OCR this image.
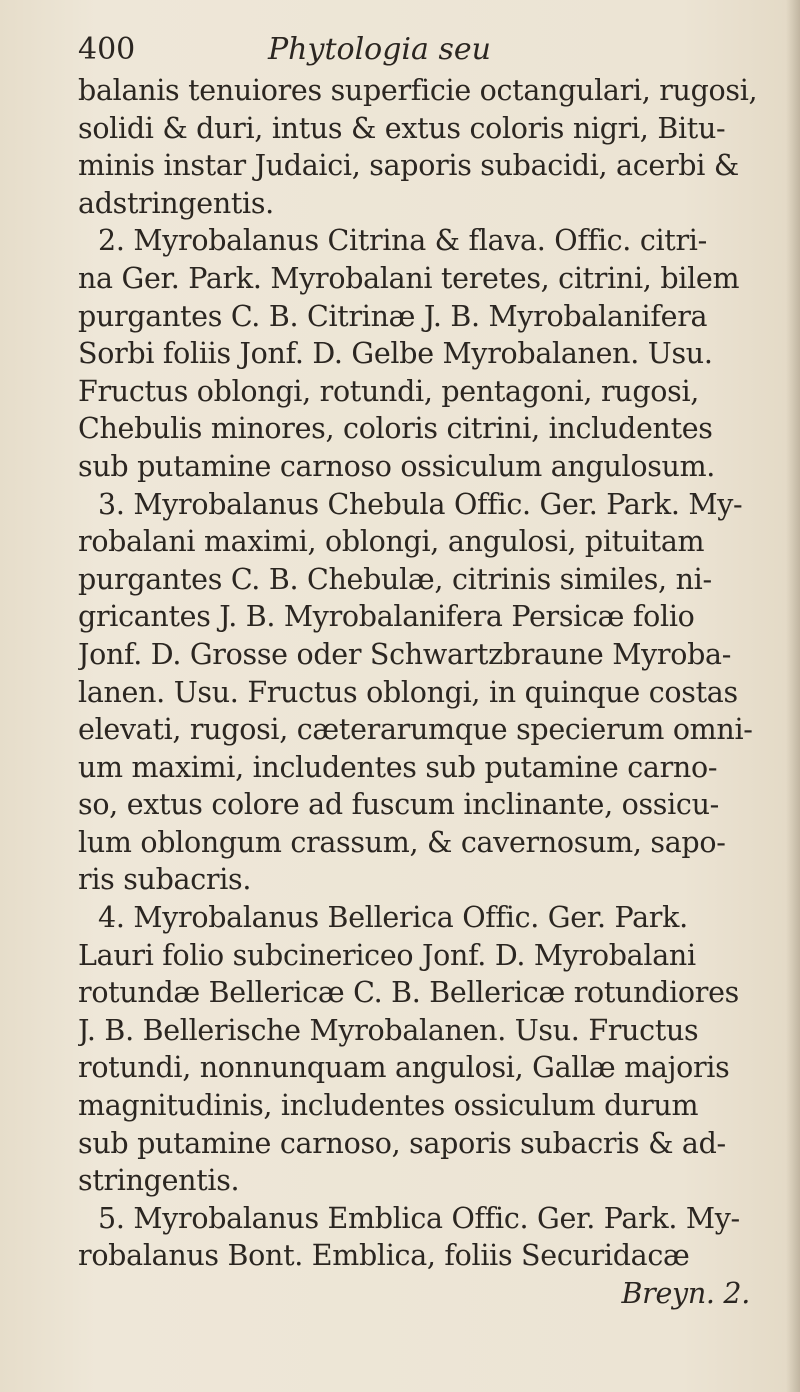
400	Phytologia seu
balanis tenuiores superficie octangulari, rugosi,
solidi & duri, intus & extus coloris nigri, Bitu-
minis instar Judaici, saporis subacidi, acerbi &
adstringentis.
2. Myrobalanus Citrina & flava. Offic. citri-
na Ger. Park. Myrobalani teretes, citrini, bilem
purgantes C. B. Citrinæ J. B. Myrobalanifera
Sorbi foliis Jonf. D. Gelbe Myrobalanen. Usu.
Fructus oblongi, rotundi, pentagoni, rugosi,
Chebulis minores, coloris citrini, includentes
sub putamine carnoso ossiculum angulosum.
3. Myrobalanus Chebula Offic. Ger. Park. My-
robalani maximi, oblongi, angulosi, pituitam
purgantes C. B. Chebulæ, citrinis similes, ni-
gricantes J. B. Myrobalanifera Persicæ folio
Jonf. D. Grosse oder Schwartzbraune Myroba-
lanen. Usu. Fructus oblongi, in quinque costas
elevati, rugosi, cæterarumque specierum omni-
um maximi, includentes sub putamine carno-
so, extus colore ad fuscum inclinante, ossicu-
lum oblongum crassum, & cavernosum, sapo-
ris subacris.
4. Myrobalanus Bellerica Offic. Ger. Park.
Lauri folio subcinericeo Jonf. D. Myrobalani
rotundæ Bellericæ C. B. Bellericæ rotundiores
J. B. Bellerische Myrobalanen. Usu. Fructus
rotundi, nonnunquam angulosi, Gallæ majoris
magnitudinis, includentes ossiculum durum
sub putamine carnoso, saporis subacris & ad-
stringentis.
5. Myrobalanus Emblica Offic. Ger. Park. My-
robalanus Bont. Emblica, foliis Securidacæ
Breyn. 2.
